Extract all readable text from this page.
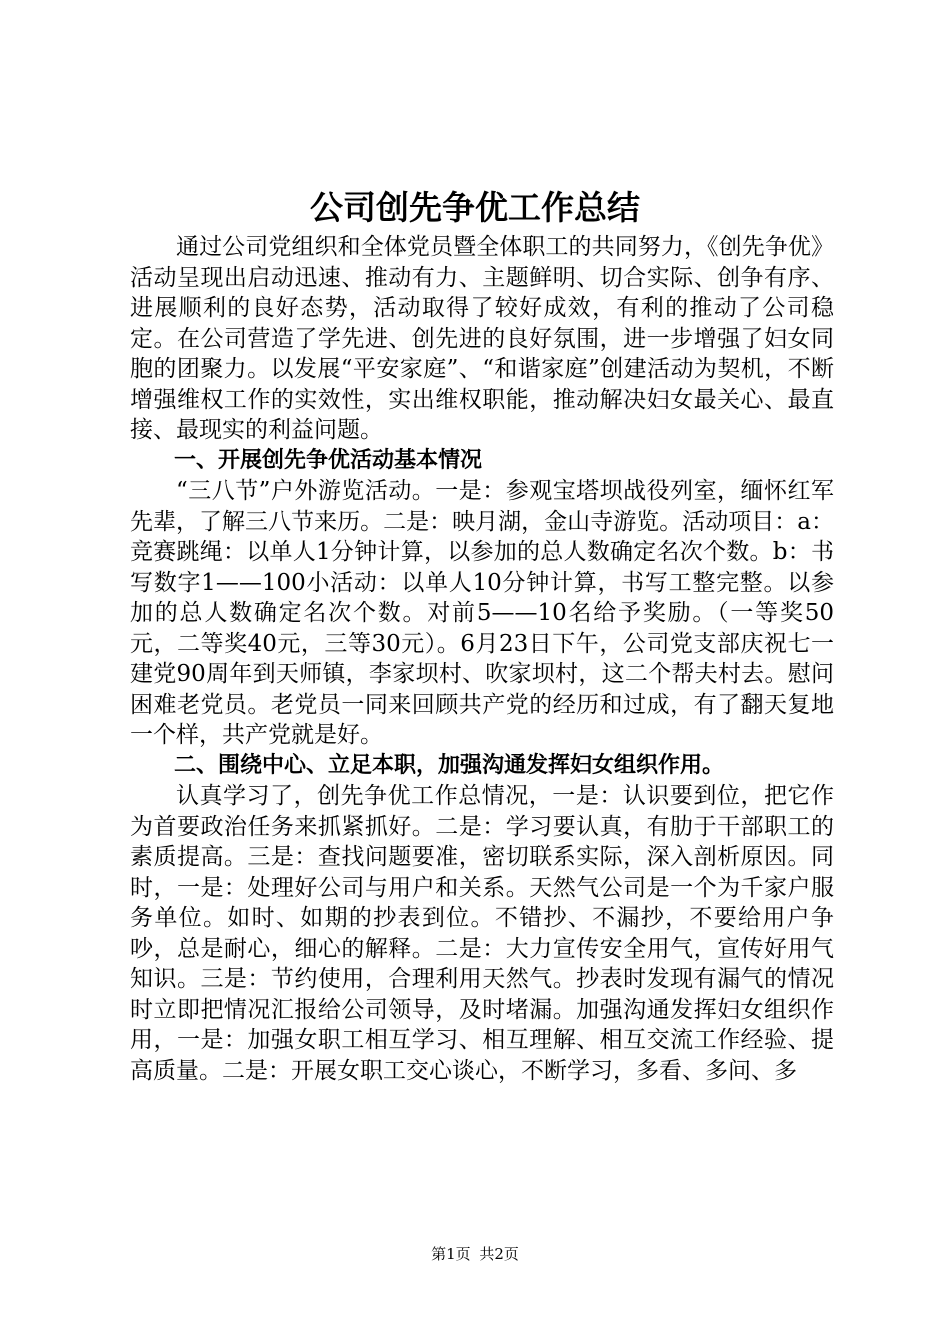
公司创先争优工作总结

通过公司党组织和全体党员暨全体职工的共同努力，《创先争优》活动呈现出启动迅速、推动有力、主题鲜明、切合实际、创争有序、进展顺利的良好态势，活动取得了较好成效，有利的推动了公司稳定。在公司营造了学先进、创先进的良好氛围，进一步增强了妇女同胞的团聚力。以发展“平安家庭”、“和谐家庭”创建活动为契机，不断增强维权工作的实效性，实出维权职能，推动解决妇女最关心、最直接、最现实的利益问题。

一、开展创先争优活动基本情况

“三八节”户外游览活动。一是：参观宝塔坝战役列室，缅怀红军先辈，了解三八节来历。二是：映月湖，金山寺游览。活动项目：a：竞赛跳绳：以单人1分钟计算，以参加的总人数确定名次个数。b：书写数字1——100小活动：以单人10分钟计算，书写工整完整。以参加的总人数确定名次个数。对前5——10名给予奖励。（一等奖50元，二等奖40元，三等30元）。6月23日下午，公司党支部庆祝七一建党90周年到天师镇，李家坝村、吹家坝村，这二个帮夫村去。慰问困难老党员。老党员一同来回顾共产党的经历和过成，有了翻天复地一个样，共产党就是好。

二、围绕中心、立足本职，加强沟通发挥妇女组织作用。

认真学习了，创先争优工作总情况，一是：认识要到位，把它作为首要政治任务来抓紧抓好。二是：学习要认真，有肋于干部职工的素质提高。三是：查找问题要准，密切联系实际，深入剖析原因。同时，一是：处理好公司与用户和关系。天然气公司是一个为千家户服务单位。如时、如期的抄表到位。不错抄、不漏抄，不要给用户争吵，总是耐心，细心的解释。二是：大力宣传安全用气，宣传好用气知识。三是：节约使用，合理利用天然气。抄表时发现有漏气的情况时立即把情况汇报给公司领导，及时堵漏。加强沟通发挥妇女组织作用，一是：加强女职工相互学习、相互理解、相互交流工作经验、提高质量。二是：开展女职工交心谈心，不断学习，多看、多问、多

第1页 共2页
